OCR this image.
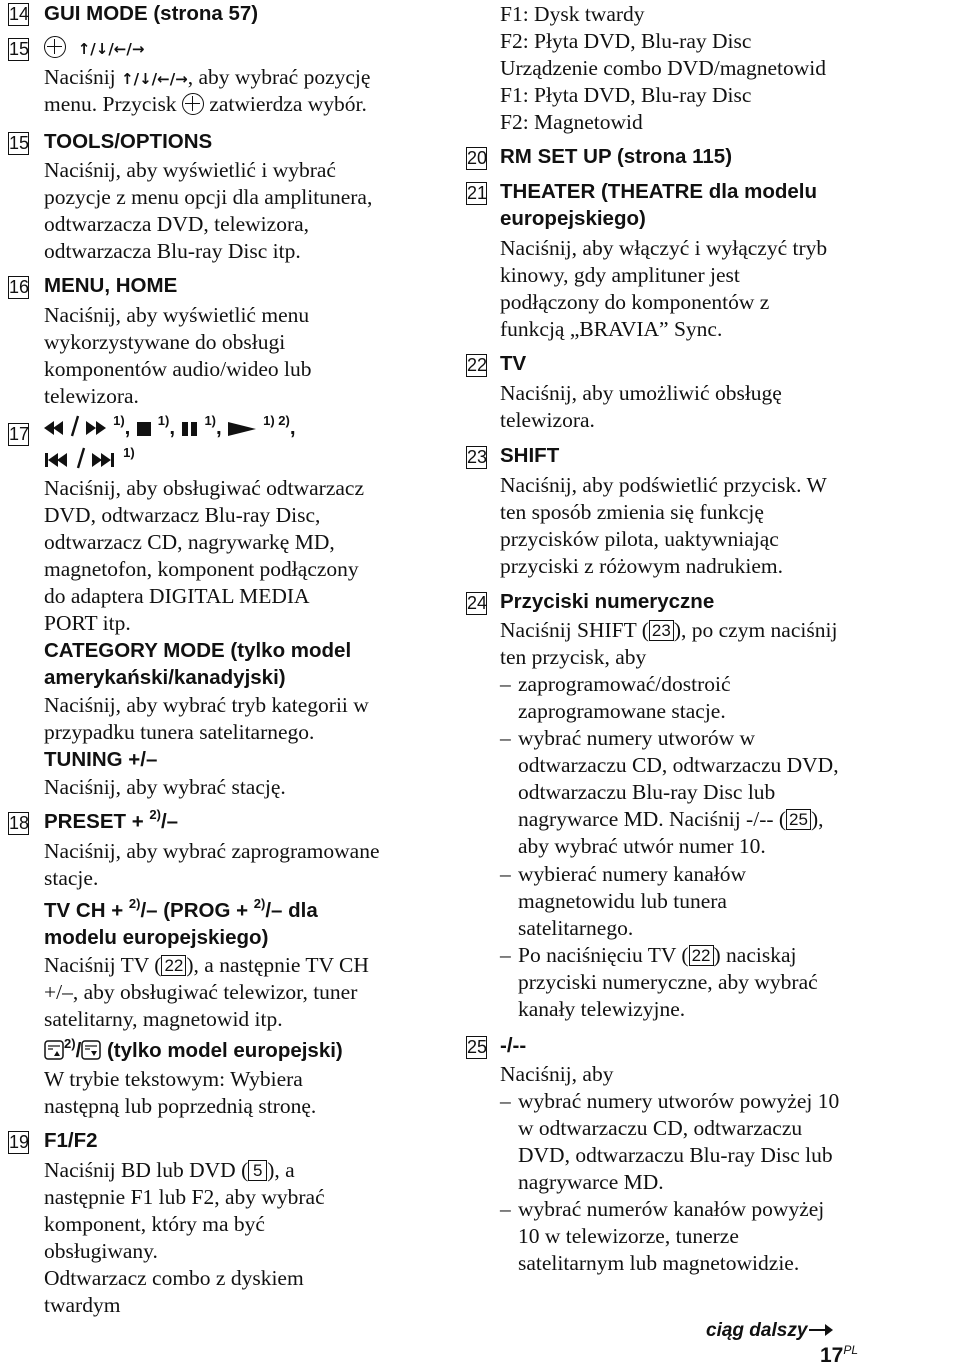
14 GUI MODE (strona 57)
15	↑/↓/←/→
Naciśnij ↑/↓/←/→, aby wybrać pozycję
menu. Przycisk  zatwierdza wybór.
15 TOOLS/OPTIONS
Naciśnij, aby wyświetlić i wybrać
pozycje z menu opcji dla amplitunera,
odtwarzacza DVD, telewizora,
odtwarzacza Blu-ray Disc itp.
16 MENU, HOME
Naciśnij, aby wyświetlić menu
wykorzystywane do obsługi
komponentów audio/wideo lub
telewizora.
17
$^{1)}$,  $^{1)}$,  $^{1)}$,	$^{1) 2)}$,
$^{1)}$
Naciśnij, aby obsługiwać odtwarzacz
DVD, odtwarzacz Blu-ray Disc,
odtwarzacz CD, nagrywarkę MD,
magnetofon, komponent podłączony
do adaptera DIGITAL MEDIA
PORT itp.
CATEGORY MODE (tylko model
amerykański/kanadyjski)
Naciśnij, aby wybrać tryb kategorii w
przypadku tunera satelitarnego.
TUNING +/–
Naciśnij, aby wybrać stację.
18 PRESET + $^{2)}$/–
Naciśnij, aby wybrać zaprogramowane
stacje.
TV CH + $^{2)}$/– (PROG + $^{2)}$/– dla
modelu europejskiego)
Naciśnij TV ( 22 ), a następnie TV CH
+/–, aby obsługiwać telewizor, tuner
satelitarny, magnetowid itp.
$^{2)}$/ (tylko model europejski)
W trybie tekstowym: Wybiera
następną lub poprzednią stronę.
19 F1/F2
Naciśnij BD lub DVD ( 5 ), a
następnie F1 lub F2, aby wybrać
komponent, który ma być
obsługiwany.
Odtwarzacz combo z dyskiem
twardym
F1: Dysk twardy
F2: Płyta DVD, Blu-ray Disc
Urządzenie combo DVD/magnetowid
F1: Płyta DVD, Blu-ray Disc
F2: Magnetowid
20 RM SET UP (strona 115)
21 THEATER (THEATRE dla modelu
europejskiego)
Naciśnij, aby włączyć i wyłączyć tryb
kinowy, gdy amplituner jest
podłączony do komponentów z
funkcją „BRAVIA” Sync.
22 TV
Naciśnij, aby umożliwić obsługę
telewizora.
23 SHIFT
Naciśnij, aby podświetlić przycisk. W
ten sposób zmienia się funkcję
przycisków pilota, uaktywniając
przyciski z różowym nadrukiem.
24 Przyciski numeryczne
Naciśnij SHIFT ( 23 ), po czym naciśnij
ten przycisk, aby
– zaprogramować/dostroić
zaprogramowane stacje.
– wybrać numery utworów w
odtwarzaczu CD, odtwarzaczu DVD,
odtwarzaczu Blu-ray Disc lub
nagrywarce MD. Naciśnij -/-- ( 25 ),
aby wybrać utwór numer 10.
– wybierać numery kanałów
magnetowidu lub tunera
satelitarnego.
– Po naciśnięciu TV ( 22 ) naciskaj
przyciski numeryczne, aby wybrać
kanały telewizyjne.
25 -/--
Naciśnij, aby
– wybrać numery utworów powyżej 10
w odtwarzaczu CD, odtwarzaczu
DVD, odtwarzaczu Blu-ray Disc lub
nagrywarce MD.
– wybrać numerów kanałów powyżej
10 w telewizorze, tunerze
satelitarnym lub magnetowidzie.
ciąg dalszy
$17^{PL}$
